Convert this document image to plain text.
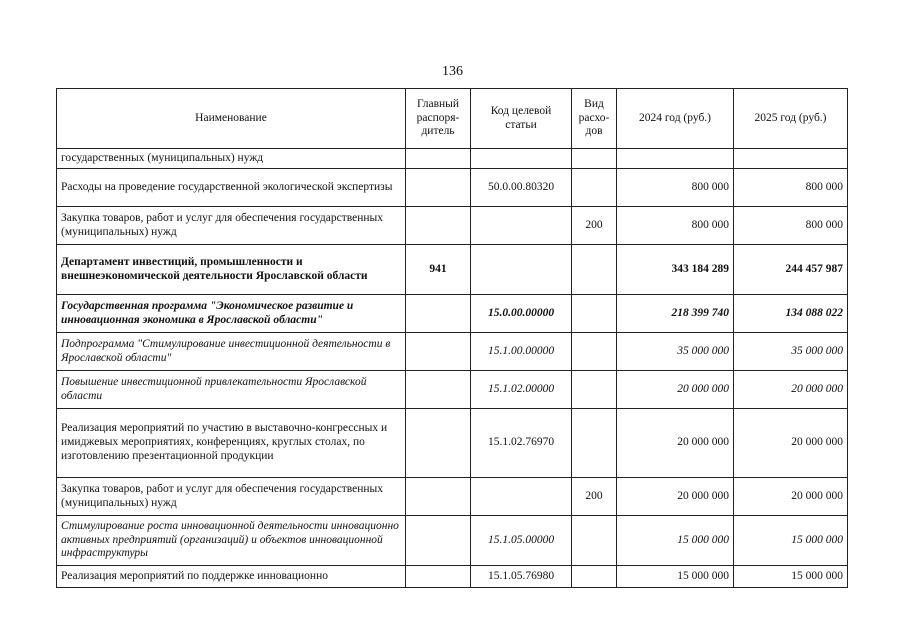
136
Наименование	Главный распоря-дитель	Код целевой статьи	Вид расхо-дов	2024 год (руб.)	2025 год (руб.)
государственных (муниципальных) нужд					
Расходы на проведение государственной экологической экспертизы		50.0.00.80320		800 000	800 000
Закупка товаров, работ и услуг для обеспечения государственных (муниципальных) нужд			200	800 000	800 000
Департамент инвестиций, промышленности и внешнеэкономической деятельности Ярославской области	941			343 184 289	244 457 987
Государственная программа "Экономическое развитие и инновационная экономика в Ярославской области"		15.0.00.00000		218 399 740	134 088 022
Подпрограмма "Стимулирование инвестиционной деятельности в Ярославской области"		15.1.00.00000		35 000 000	35 000 000
Повышение инвестиционной привлекательности Ярославской области		15.1.02.00000		20 000 000	20 000 000
Реализация мероприятий по участию в выставочно-конгрессных и имиджевых мероприятиях, конференциях, круглых столах, по изготовлению презентационной продукции		15.1.02.76970		20 000 000	20 000 000
Закупка товаров, работ и услуг для обеспечения государственных (муниципальных) нужд			200	20 000 000	20 000 000
Стимулирование роста инновационной деятельности инновационно активных предприятий (организаций) и объектов инновационной инфраструктуры		15.1.05.00000		15 000 000	15 000 000
Реализация мероприятий по поддержке инновационно		15.1.05.76980		15 000 000	15 000 000
